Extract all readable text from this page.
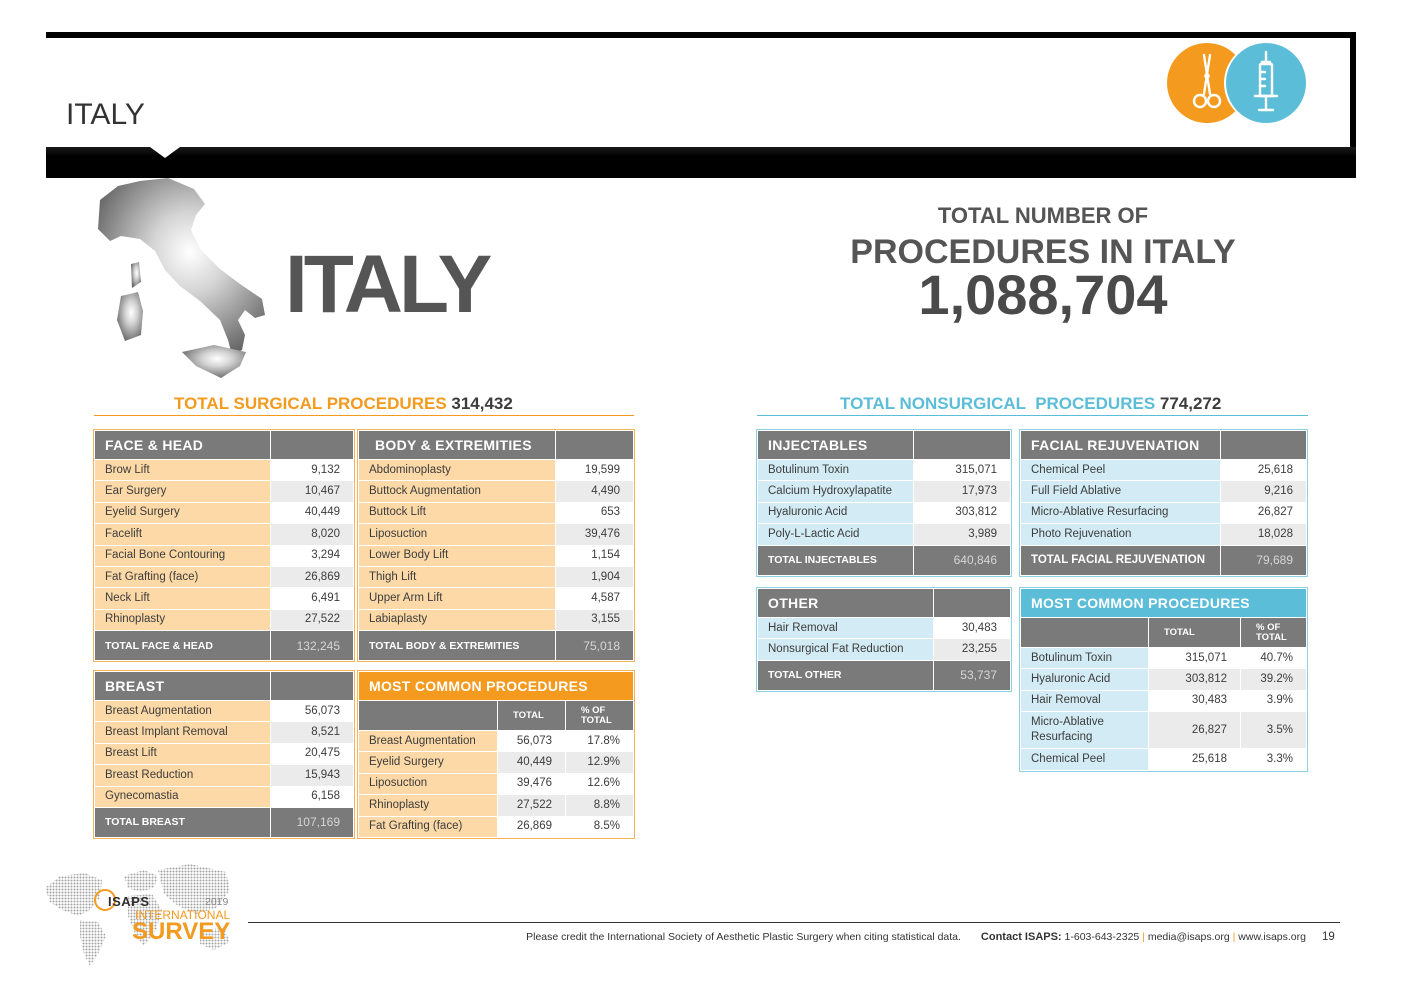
ITALY
ITALY
TOTAL NUMBER OF
PROCEDURES IN ITALY
1,088,704
TOTAL SURGICAL PROCEDURES 314,432	TOTAL NONSURGICAL  PROCEDURES 774,272
FACE & HEAD	
Brow Lift	9,132
Ear Surgery	10,467
Eyelid Surgery	40,449
Facelift	8,020
Facial Bone Contouring	3,294
Fat Grafting (face)	26,869
Neck Lift	6,491
Rhinoplasty	27,522
TOTAL FACE & HEAD	132,245
BODY & EXTREMITIES	
Abdominoplasty	19,599
Buttock Augmentation	4,490
Buttock Lift	653
Liposuction	39,476
Lower Body Lift	1,154
Thigh Lift	1,904
Upper Arm Lift	4,587
Labiaplasty	3,155
TOTAL BODY & EXTREMITIES	75,018
BREAST	
Breast Augmentation	56,073
Breast Implant Removal	8,521
Breast Lift	20,475
Breast Reduction	15,943
Gynecomastia	6,158
TOTAL BREAST	107,169
MOST COMMON PROCEDURES		
	TOTAL	% OF
TOTAL
Breast Augmentation	56,073	17.8%
Eyelid Surgery	40,449	12.9%
Liposuction	39,476	12.6%
Rhinoplasty	27,522	8.8%
Fat Grafting (face)	26,869	8.5%
INJECTABLES	
Botulinum Toxin	315,071
Calcium Hydroxylapatite	17,973
Hyaluronic Acid	303,812
Poly-L-Lactic Acid	3,989
TOTAL INJECTABLES	640,846
FACIAL REJUVENATION	
Chemical Peel	25,618
Full Field Ablative	9,216
Micro-Ablative Resurfacing	26,827
Photo Rejuvenation	18,028
TOTAL FACIAL REJUVENATION	79,689
OTHER	
Hair Removal	30,483
Nonsurgical Fat Reduction	23,255
TOTAL OTHER	53,737
MOST COMMON PROCEDURES		
	TOTAL	% OF
TOTAL
Botulinum Toxin	315,071	40.7%
Hyaluronic Acid	303,812	39.2%
Hair Removal	30,483	3.9%
Micro-Ablative Resurfacing	26,827	3.5%
Chemical Peel	25,618	3.3%
ISAPS	2019
INTERNATIONAL
SURVEY	Please credit the International Society of Aesthetic Plastic Surgery when citing statistical data. Contact ISAPS: 1-603-643-2325 | media@isaps.org | www.isaps.org 19
